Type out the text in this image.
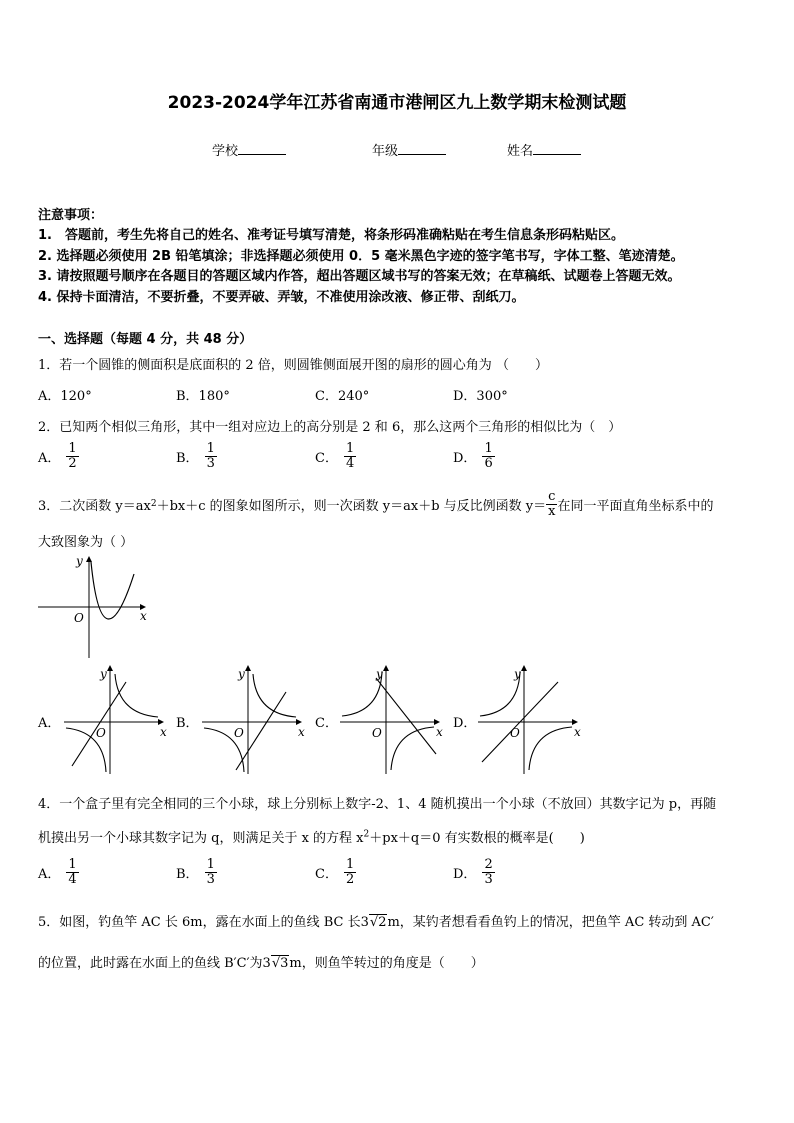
2023-2024学年江苏省南通市港闸区九上数学期末检测试题
学校	年级	姓名
注意事项：
1.　答题前，考生先将自己的姓名、准考证号填写清楚，将条形码准确粘贴在考生信息条形码粘贴区。
2. 选择题必须使用 2B 铅笔填涂；非选择题必须使用 0．5 毫米黑色字迹的签字笔书写，字体工整、笔迹清楚。
3. 请按照题号顺序在各题目的答题区域内作答，超出答题区域书写的答案无效；在草稿纸、试题卷上答题无效。
4. 保持卡面清洁，不要折叠，不要弄破、弄皱，不准使用涂改液、修正带、刮纸刀。
一、选择题（每题 4 分，共 48 分）
1．若一个圆锥的侧面积是底面积的 2 倍，则圆锥侧面展开图的扇形的圆心角为 （　　）
A．120°	B．180°	C．240°	D．300°
2．已知两个相似三角形，其中一组对应边上的高分别是 2 和 6，那么这两个三角形的相似比为（　）
A． $\frac{1}{2}$	B． $\frac{1}{3}$	C． $\frac{1}{4}$	D． $\frac{1}{6}$
3．二次函数 y＝ax 2 ＋bx＋c 的图象如图所示，则一次函数 y＝ax＋b 与反比例函数 $y= \frac{c}{x}$ 在同一平面直角坐标系中的
大致图象为（ ）
x
y
O
A．
x
y
O
B．
x
y
O
C．
x
y
O
D．
x
y
O
4．一个盒子里有完全相同的三个小球，球上分别标上数字-2、1、4 随机摸出一个小球（不放回）其数字记为 p，再随
机摸出另一个小球其数字记为 q，则满足关于 x 的方程 $x^2+px+q=0$ 有实数根的概率是(　　)
A． $\frac{1}{4}$	B． $\frac{1}{3}$	C． $\frac{1}{2}$	D． $\frac{2}{3}$
5．如图，钓鱼竿 AC 长 6m，露在水面上的鱼线 BC 长3√2m，某钓者想看看鱼钓上的情况，把鱼竿 AC 转动到 AC′
的位置，此时露在水面上的鱼线 B′C′为3√3m，则鱼竿转过的角度是（　　）
